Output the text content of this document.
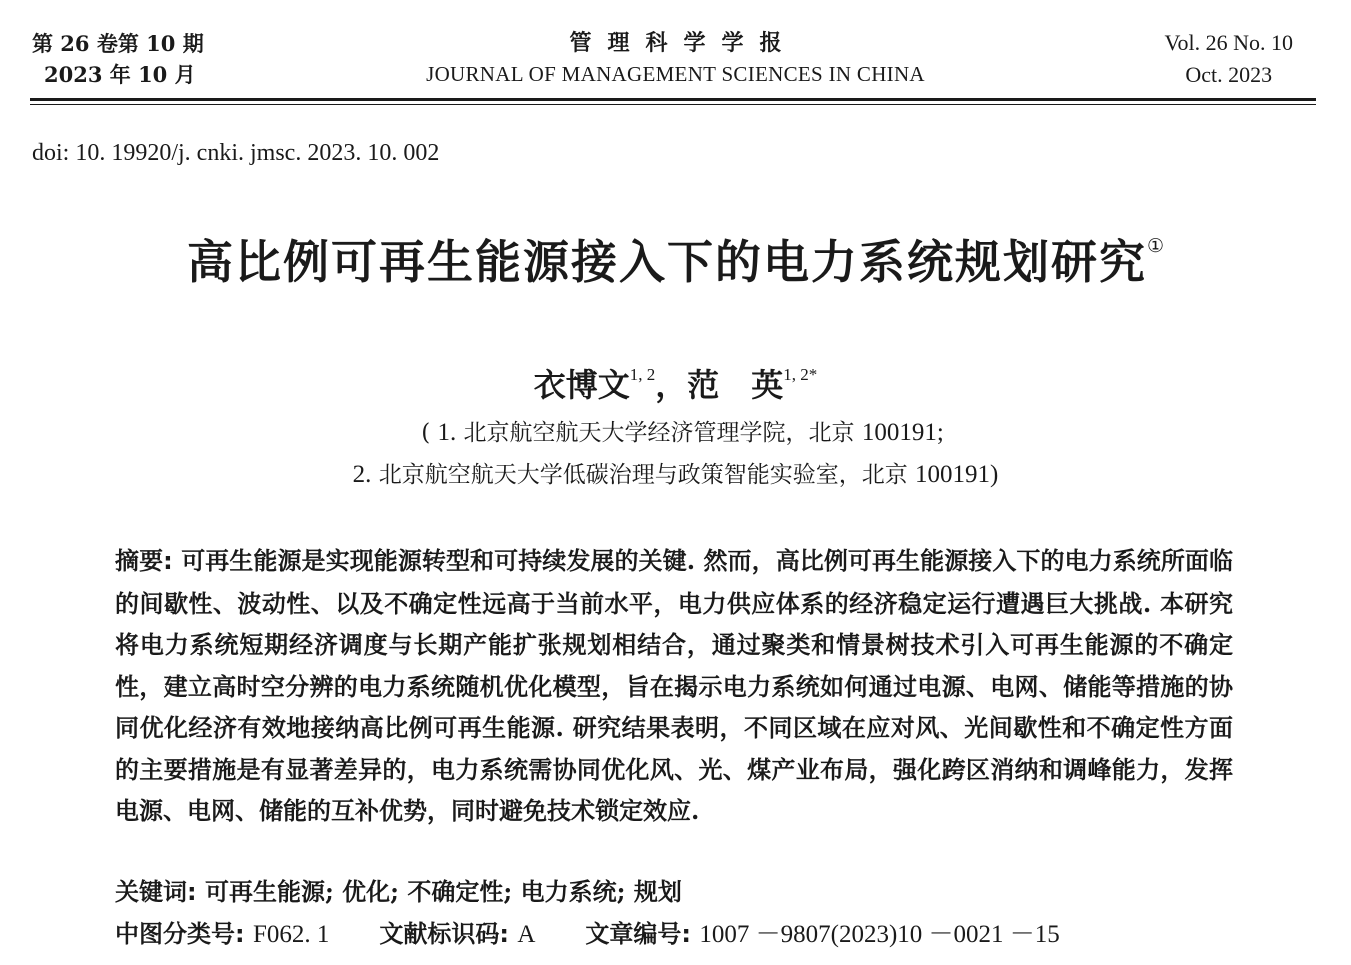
第 26 卷第 10 期
2023 年 10 月
管理科学学报
JOURNAL OF MANAGEMENT SCIENCES IN CHINA
Vol. 26 No. 10
Oct. 2023
doi: 10. 19920/j. cnki. jmsc. 2023. 10. 002
高比例可再生能源接入下的电力系统规划研究①
衣博文$^{1, 2}$，范　英$^{1, 2*}$
( 1. 北京航空航天大学经济管理学院，北京 100191;
2. 北京航空航天大学低碳治理与政策智能实验室，北京 100191)
摘要: 可再生能源是实现能源转型和可持续发展的关键. 然而，高比例可再生能源接入下的电力系统所面临的间歇性、波动性、以及不确定性远高于当前水平，电力供应体系的经济稳定运行遭遇巨大挑战. 本研究将电力系统短期经济调度与长期产能扩张规划相结合，通过聚类和情景树技术引入可再生能源的不确定性，建立高时空分辨的电力系统随机优化模型，旨在揭示电力系统如何通过电源、电网、储能等措施的协同优化经济有效地接纳高比例可再生能源. 研究结果表明，不同区域在应对风、光间歇性和不确定性方面的主要措施是有显著差异的，电力系统需协同优化风、光、煤产业布局，强化跨区消纳和调峰能力，发挥电源、电网、储能的互补优势，同时避免技术锁定效应.
关键词: 可再生能源; 优化; 不确定性; 电力系统; 规划
中图分类号: F062. 1 文献标识码: A 文章编号: 1007 －9807(2023)10 －0021 －15
